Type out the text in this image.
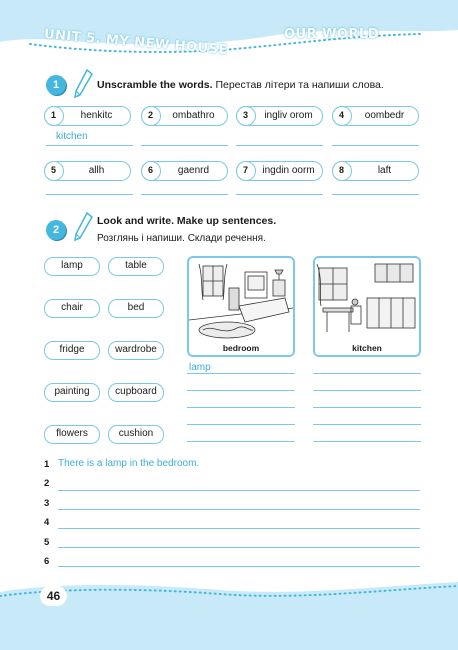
UNIT 5. MY NEW HOUSE	OUR WORLD
1	Unscramble the words. Перестав літери та напиши слова.
1	henkitc	2	ombathro	3	ingliv orom	4	oombedr
kitchen
5	allh	6	gaenrd	7	ingdin oorm	8	laft
2
Look and write. Make up sentences.
Розглянь і напиши. Склади речення.
lamp	table
chair	bed
fridge	wardrobe
painting	cupboard
flowers	cushion
bedroom	kitchen
lamp
1 There is a lamp in the bedroom.
2
3
4
5
6
46
